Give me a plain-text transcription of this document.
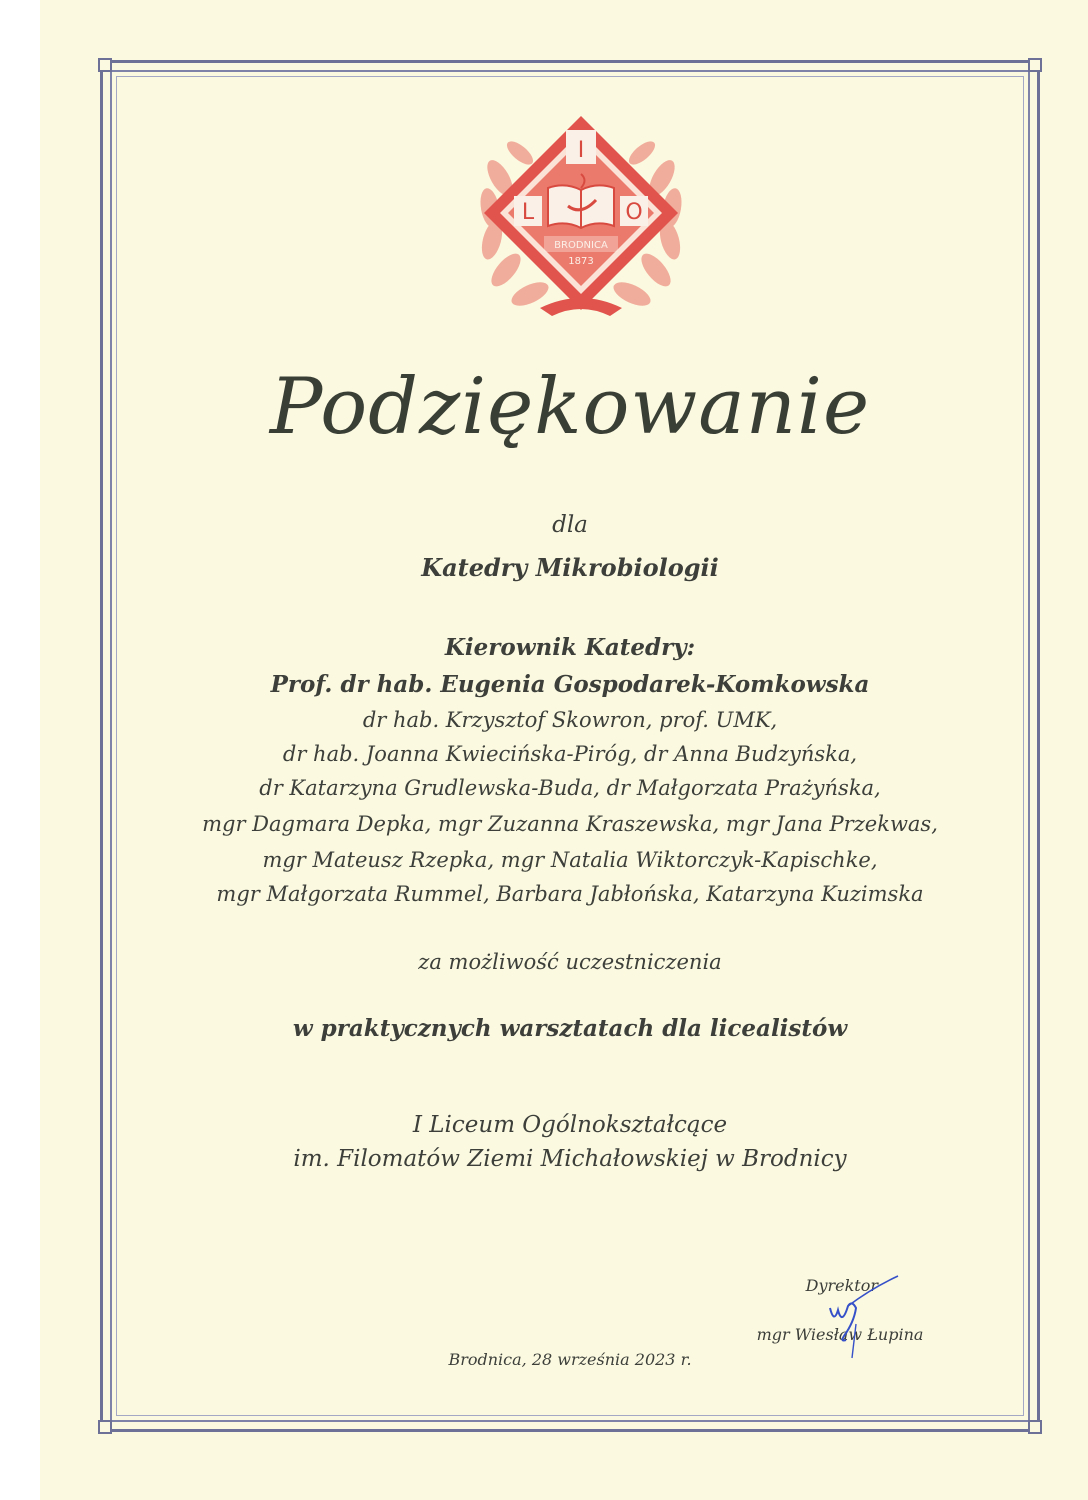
I
L	O
BRODNICA
1873
Podziękowanie
dla
Katedry Mikrobiologii
Kierownik Katedry:
Prof. dr hab. Eugenia Gospodarek-Komkowska
dr hab. Krzysztof Skowron, prof. UMK,
dr hab. Joanna Kwiecińska-Piróg, dr Anna Budzyńska,
dr Katarzyna Grudlewska-Buda, dr Małgorzata Prażyńska,
mgr Dagmara Depka, mgr Zuzanna Kraszewska, mgr Jana Przekwas,
mgr Mateusz Rzepka, mgr Natalia Wiktorczyk-Kapischke,
mgr Małgorzata Rummel, Barbara Jabłońska, Katarzyna Kuzimska
za możliwość uczestniczenia
w praktycznych warsztatach dla licealistów
I Liceum Ogólnokształcące
im. Filomatów Ziemi Michałowskiej w Brodnicy
Brodnica, 28 września 2023 r.
Dyrektor
mgr Wiesław Łupina
